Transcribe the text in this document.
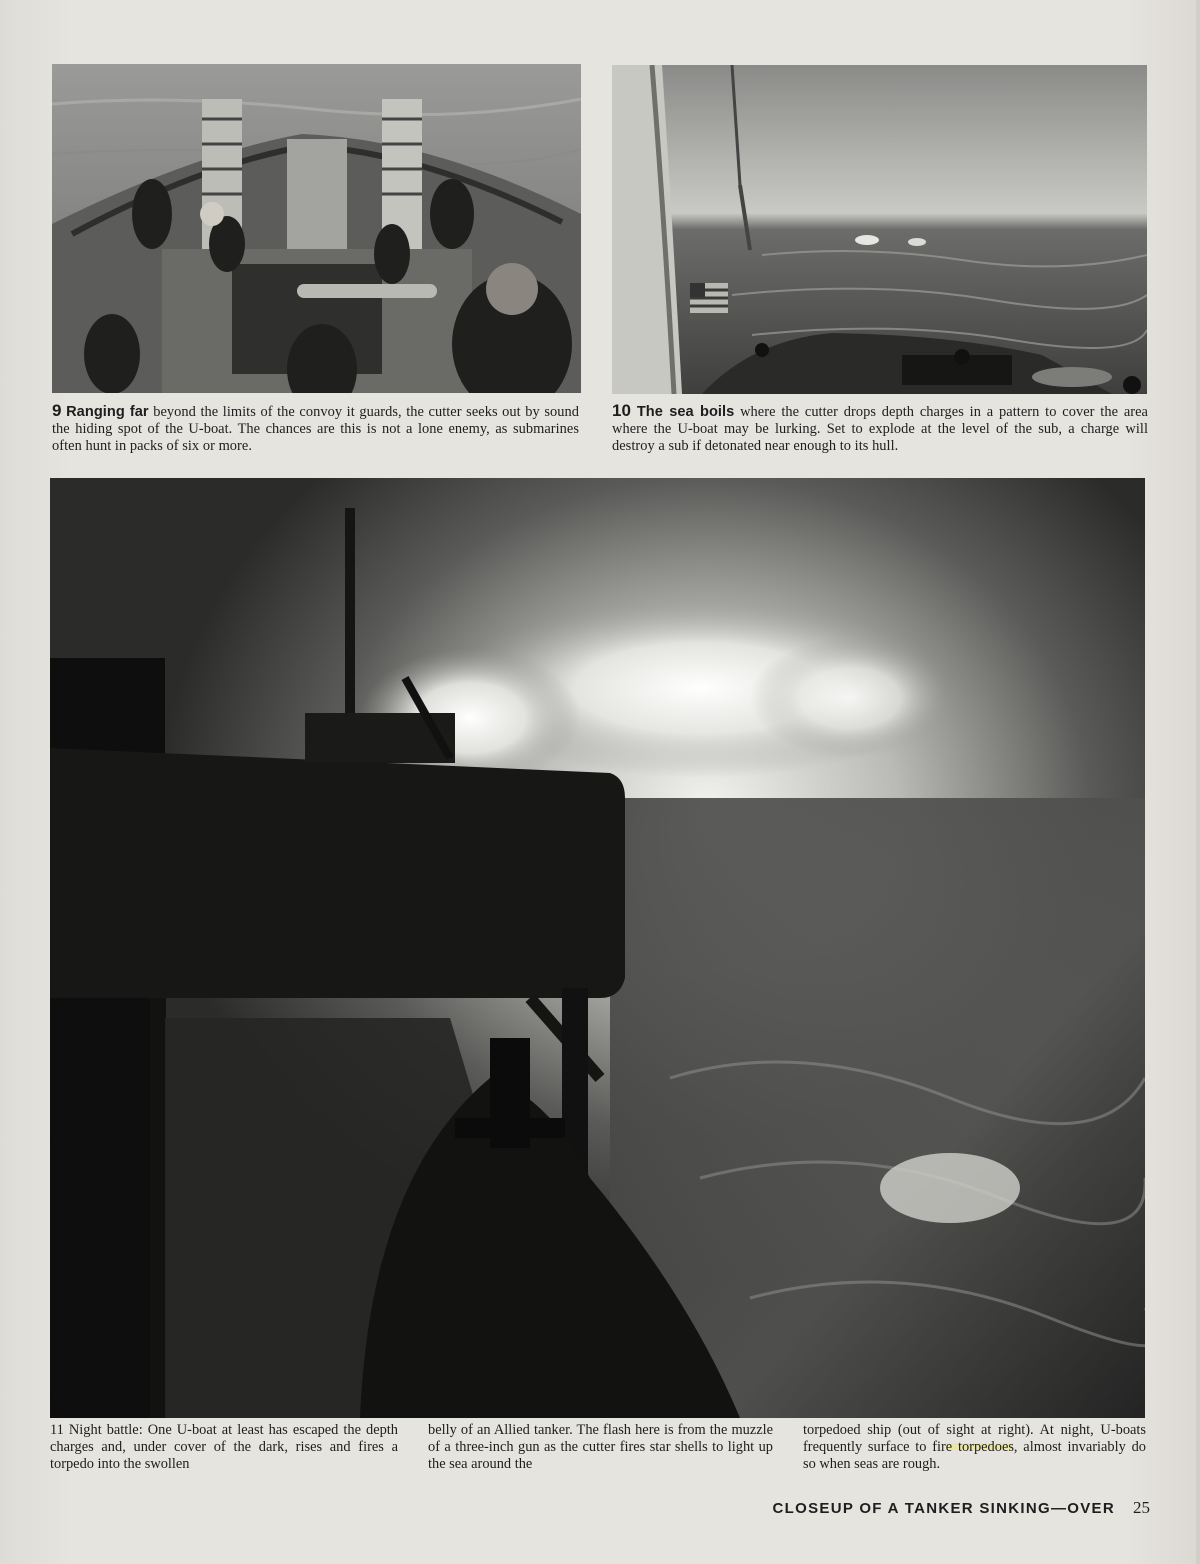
9 Ranging far beyond the limits of the convoy it guards, the cutter seeks out by sound the hiding spot of the U-boat. The chances are this is not a lone enemy, as submarines often hunt in packs of six or more.
10 The sea boils where the cutter drops depth charges in a pattern to cover the area where the U-boat may be lurking. Set to explode at the level of the sub, a charge will destroy a sub if detonated near enough to its hull.
11 Night battle: One U-boat at least has escaped the depth charges and, under cover of the dark, rises and fires a torpedo into the swollen
belly of an Allied tanker. The flash here is from the muzzle of a three-inch gun as the cutter fires star shells to light up the sea around the
torpedoed ship (out of sight at right). At night, U-boats frequently surface to fire torpedoes, almost invariably do so when seas are rough.
CLOSEUP OF A TANKER SINKING—OVER 25
